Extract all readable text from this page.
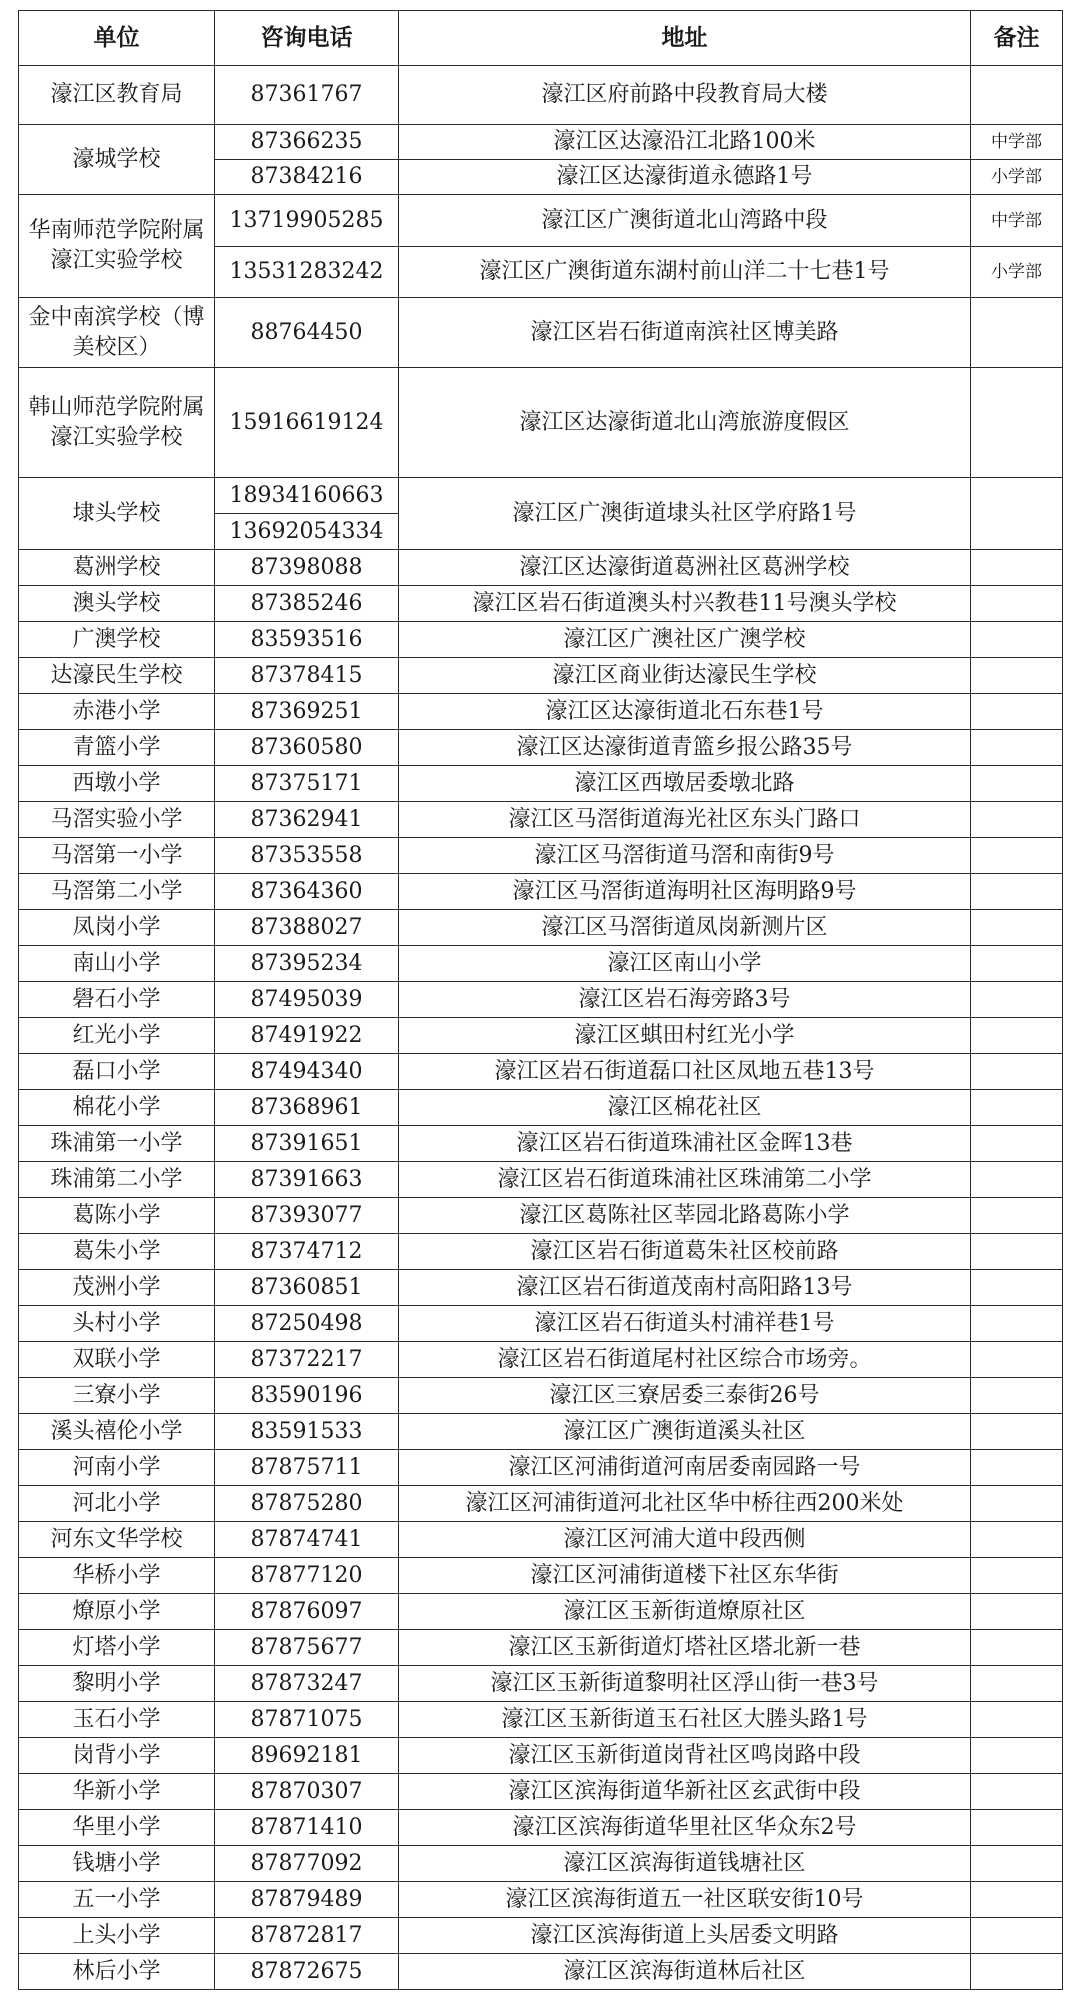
单位	咨询电话	地址	备注
濠江区教育局	87361767	濠江区府前路中段教育局大楼	
濠城学校	87366235	濠江区达濠沿江北路100米	中学部
	87384216	濠江区达濠街道永德路1号	小学部
华南师范学院附属濠江实验学校	13719905285	濠江区广澳街道北山湾路中段	中学部
	13531283242	濠江区广澳街道东湖村前山洋二十七巷1号	小学部
金中南滨学校（博美校区）	88764450	濠江区岩石街道南滨社区博美路	
韩山师范学院附属濠江实验学校	15916619124	濠江区达濠街道北山湾旅游度假区	
埭头学校	18934160663	濠江区广澳街道埭头社区学府路1号	
	13692054334		
葛洲学校	87398088	濠江区达濠街道葛洲社区葛洲学校	
澳头学校	87385246	濠江区岩石街道澳头村兴教巷11号澳头学校	
广澳学校	83593516	濠江区广澳社区广澳学校	
达濠民生学校	87378415	濠江区商业街达濠民生学校	
赤港小学	87369251	濠江区达濠街道北石东巷1号	
青篮小学	87360580	濠江区达濠街道青篮乡报公路35号	
西墩小学	87375171	濠江区西墩居委墩北路	
马滘实验小学	87362941	濠江区马滘街道海光社区东头门路口	
马滘第一小学	87353558	濠江区马滘街道马滘和南街9号	
马滘第二小学	87364360	濠江区马滘街道海明社区海明路9号	
凤岗小学	87388027	濠江区马滘街道凤岗新测片区	
南山小学	87395234	濠江区南山小学	
礐石小学	87495039	濠江区岩石海旁路3号	
红光小学	87491922	濠江区蜞田村红光小学	
磊口小学	87494340	濠江区岩石街道磊口社区凤地五巷13号	
棉花小学	87368961	濠江区棉花社区	
珠浦第一小学	87391651	濠江区岩石街道珠浦社区金晖13巷	
珠浦第二小学	87391663	濠江区岩石街道珠浦社区珠浦第二小学	
葛陈小学	87393077	濠江区葛陈社区莘园北路葛陈小学	
葛朱小学	87374712	濠江区岩石街道葛朱社区校前路	
茂洲小学	87360851	濠江区岩石街道茂南村高阳路13号	
头村小学	87250498	濠江区岩石街道头村浦祥巷1号	
双联小学	87372217	濠江区岩石街道尾村社区综合市场旁。	
三寮小学	83590196	濠江区三寮居委三泰街26号	
溪头禧伦小学	83591533	濠江区广澳街道溪头社区	
河南小学	87875711	濠江区河浦街道河南居委南园路一号	
河北小学	87875280	濠江区河浦街道河北社区华中桥往西200米处	
河东文华学校	87874741	濠江区河浦大道中段西侧	
华桥小学	87877120	濠江区河浦街道楼下社区东华街	
燎原小学	87876097	濠江区玉新街道燎原社区	
灯塔小学	87875677	濠江区玉新街道灯塔社区塔北新一巷	
黎明小学	87873247	濠江区玉新街道黎明社区浮山街一巷3号	
玉石小学	87871075	濠江区玉新街道玉石社区大塍头路1号	
岗背小学	89692181	濠江区玉新街道岗背社区鸣岗路中段	
华新小学	87870307	濠江区滨海街道华新社区玄武街中段	
华里小学	87871410	濠江区滨海街道华里社区华众东2号	
钱塘小学	87877092	濠江区滨海街道钱塘社区	
五一小学	87879489	濠江区滨海街道五一社区联安街10号	
上头小学	87872817	濠江区滨海街道上头居委文明路	
林后小学	87872675	濠江区滨海街道林后社区	
